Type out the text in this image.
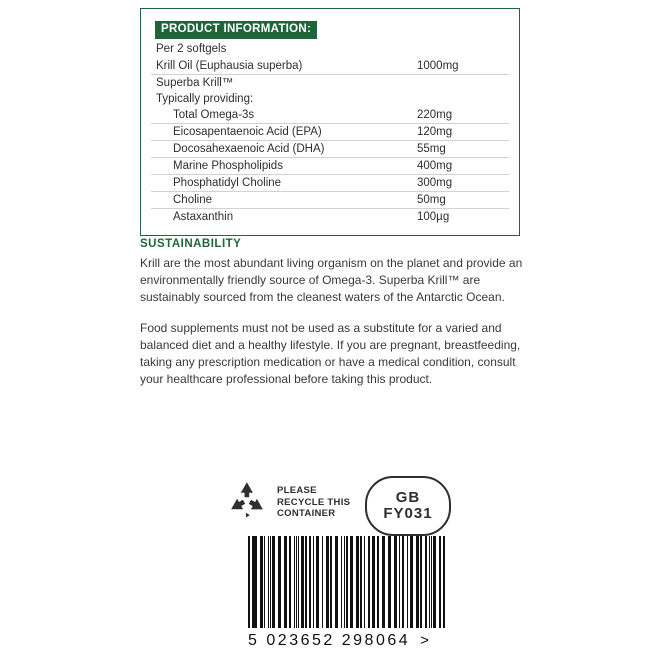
PRODUCT INFORMATION:
Per 2 softgels
Krill Oil (Euphausia superba)	1000mg
Superba Krill™	
Typically providing:	
Total Omega-3s	220mg
Eicosapentaenoic Acid (EPA)	120mg
Docosahexaenoic Acid (DHA)	55mg
Marine Phospholipids	400mg
Phosphatidyl Choline	300mg
Choline	50mg
Astaxanthin	100µg
SUSTAINABILITY

Krill are the most abundant living organism on the planet and provide an environmentally friendly source of Omega-3. Superba Krill™ are sustainably sourced from the cleanest waters of the Antarctic Ocean.

Food supplements must not be used as a substitute for a varied and balanced diet and a healthy lifestyle. If you are pregnant, breastfeeding, taking any prescription medication or have a medical condition, consult your healthcare professional before taking this product.

PLEASE
RECYCLE THIS
CONTAINER
GB
FY031
5 023652 298064 >
